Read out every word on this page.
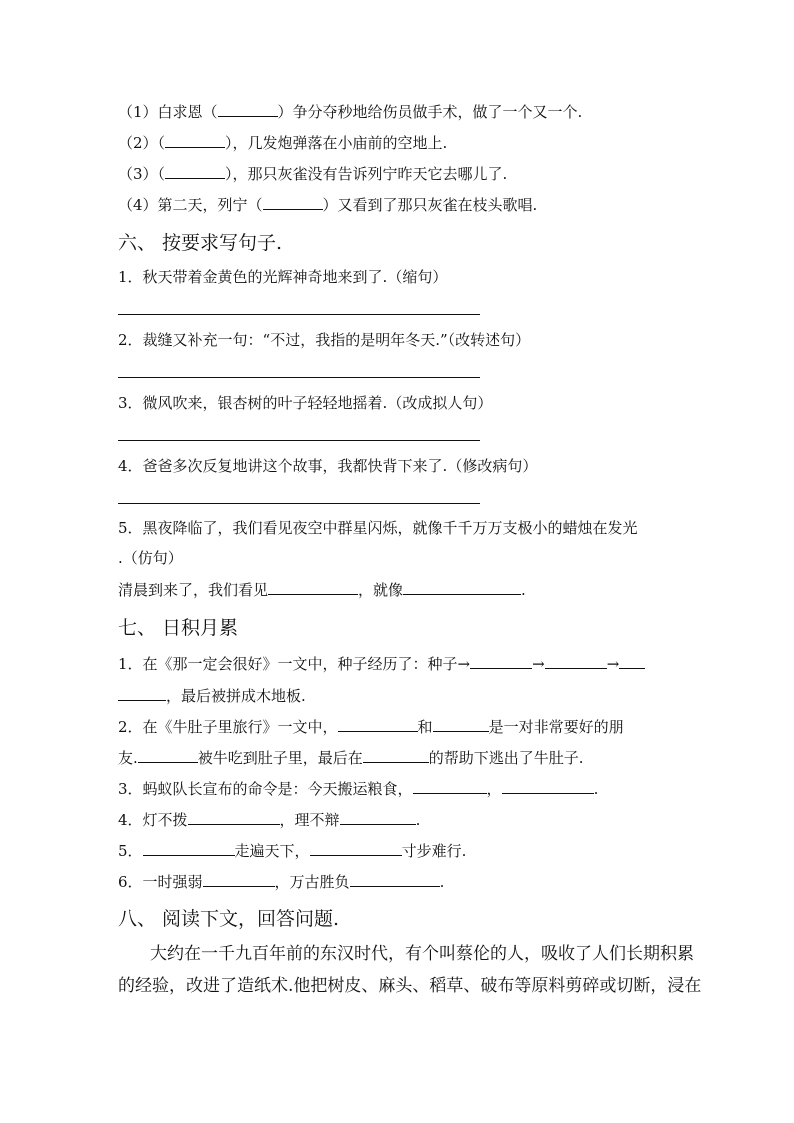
（1）白求恩（	）争分夺秒地给伤员做手术，做了一个又一个.
（2）（	），几发炮弹落在小庙前的空地上.
（3）（	），那只灰雀没有告诉列宁昨天它去哪儿了.
（4）第二天，列宁（	）又看到了那只灰雀在枝头歌唱.
六、 按要求写句子.
1．秋天带着金黄色的光辉神奇地来到了.（缩句）
2．裁缝又补充一句：“不过，我指的是明年冬天.”（改转述句）
3．微风吹来，银杏树的叶子轻轻地摇着.（改成拟人句）
4．爸爸多次反复地讲这个故事，我都快背下来了.（修改病句）
5．黑夜降临了，我们看见夜空中群星闪烁，就像千千万万支极小的蜡烛在发光
.（仿句）
清晨到来了，我们看见	，就像	.
七、 日积月累
1．在《那一定会很好》一文中，种子经历了：种子→	→	→
，最后被拼成木地板.
2．在《牛肚子里旅行》一文中，	和	是一对非常要好的朋
友.	被牛吃到肚子里，最后在	的帮助下逃出了牛肚子.
3．蚂蚁队长宣布的命令是：今天搬运粮食，	，	.
4．灯不拨	，理不辩	.
5．	走遍天下，	寸步难行.
6．一时强弱	，万古胜负	.
八、 阅读下文，回答问题.
大约在一千九百年前的东汉时代，有个叫蔡伦的人，吸收了人们长期积累
的经验，改进了造纸术.他把树皮、麻头、稻草、破布等原料剪碎或切断，浸在
